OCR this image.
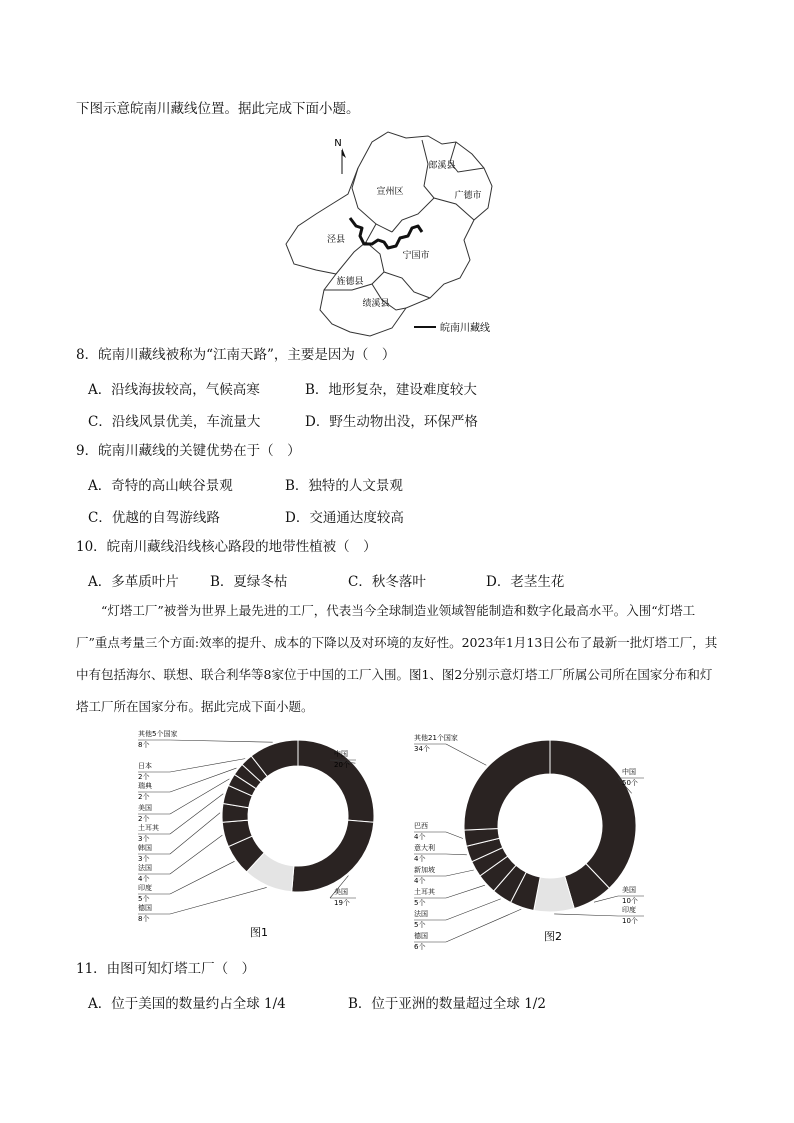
下图示意皖南川藏线位置。据此完成下面小题。
N
郎溪县
宣州区	广德市
泾县
宁国市
旌德县
绩溪县
皖南川藏线
8．皖南川藏线被称为“江南天路”，主要是因为（　）
A．沿线海拔较高，气候高寒	B．地形复杂，建设难度较大
C．沿线风景优美，车流量大	D．野生动物出没，环保严格
9．皖南川藏线的关键优势在于（　）
A．奇特的高山峡谷景观	B．独特的人文景观
C．优越的自驾游线路	D．交通通达度较高
10．皖南川藏线沿线核心路段的地带性植被（　）
A．多革质叶片 B．夏绿冬枯	C．秋冬落叶	D．老茎生花
“灯塔工厂”被誉为世界上最先进的工厂，代表当今全球制造业领域智能制造和数字化最高水平。入围“灯塔工厂”重点考量三个方面:效率的提升、成本的下降以及对环境的友好性。2023年1月13日公布了最新一批灯塔工厂，其中有包括海尔、联想、联合利华等8家位于中国的工厂入围。图1、图2分别示意灯塔工厂所属公司所在国家分布和灯塔工厂所在国家分布。据此完成下面小题。
中国
20个
美国
19个
德国
8个
印度
5个
法国
4个
韩国
3个
土耳其
3个
美国
2个
瑞典
2个
日本
2个
其他5个国家
8个
图1
中国
50个
美国
10个
印度
10个
德国
6个
法国
5个
土耳其
5个
新加坡
4个
意大利
4个
巴西
4个
其他21个国家
34个
图2
11．由图可知灯塔工厂（　）
A．位于美国的数量约占全球 1/4	B．位于亚洲的数量超过全球 1/2
